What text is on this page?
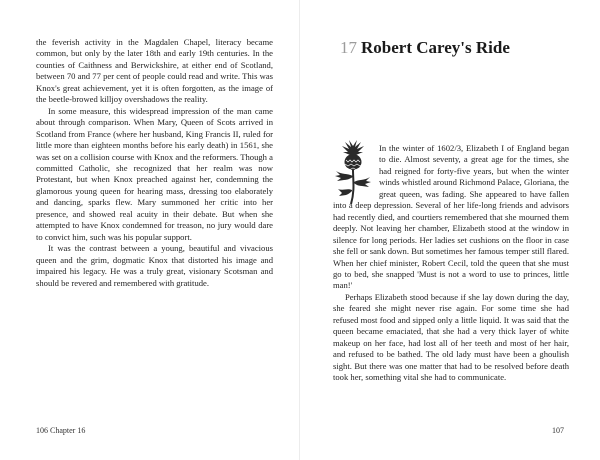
the feverish activity in the Magdalen Chapel, literacy became common, but only by the later 18th and early 19th centuries. In the counties of Caithness and Berwickshire, at either end of Scotland, between 70 and 77 per cent of people could read and write. This was Knox's great achievement, yet it is often forgotten, as the image of the beetle-browed killjoy overshadows the reality.

In some measure, this widespread impression of the man came about through comparison. When Mary, Queen of Scots arrived in Scotland from France (where her husband, King Francis II, ruled for little more than eighteen months before his early death) in 1561, she was set on a collision course with Knox and the reformers. Though a committed Catholic, she recognized that her realm was now Protestant, but when Knox preached against her, condemning the glamorous young queen for hearing mass, dressing too elaborately and dancing, sparks flew. Mary summoned her critic into her presence, and showed real acuity in their debate. But when she attempted to have Knox condemned for treason, no jury would dare to convict him, such was his popular support.

It was the contrast between a young, beautiful and vivacious queen and the grim, dogmatic Knox that distorted his image and impaired his legacy. He was a truly great, visionary Scotsman and should be revered and remembered with gratitude.

106 Chapter 16
17 Robert Carey's Ride

In the winter of 1602/3, Elizabeth I of England began to die. Almost seventy, a great age for the times, she had reigned for forty-five years, but when the winter winds whistled around Richmond Palace, Gloriana, the great queen, was fading. She appeared to have fallen into a deep depression. Several of her life-long friends and advisors had recently died, and courtiers remembered that she mourned them deeply. Not leaving her chamber, Elizabeth stood at the window in silence for long periods. Her ladies set cushions on the floor in case she fell or sank down. But sometimes her famous temper still flared. When her chief minister, Robert Cecil, told the queen that she must go to bed, she snapped 'Must is not a word to use to princes, little man!'

Perhaps Elizabeth stood because if she lay down during the day, she feared she might never rise again. For some time she had refused most food and sipped only a little liquid. It was said that the queen became emaciated, that she had a very thick layer of white makeup on her face, had lost all of her teeth and most of her hair, and refused to be bathed. The old lady must have been a ghoulish sight. But there was one matter that had to be resolved before death took her, something vital she had to communicate.

107
